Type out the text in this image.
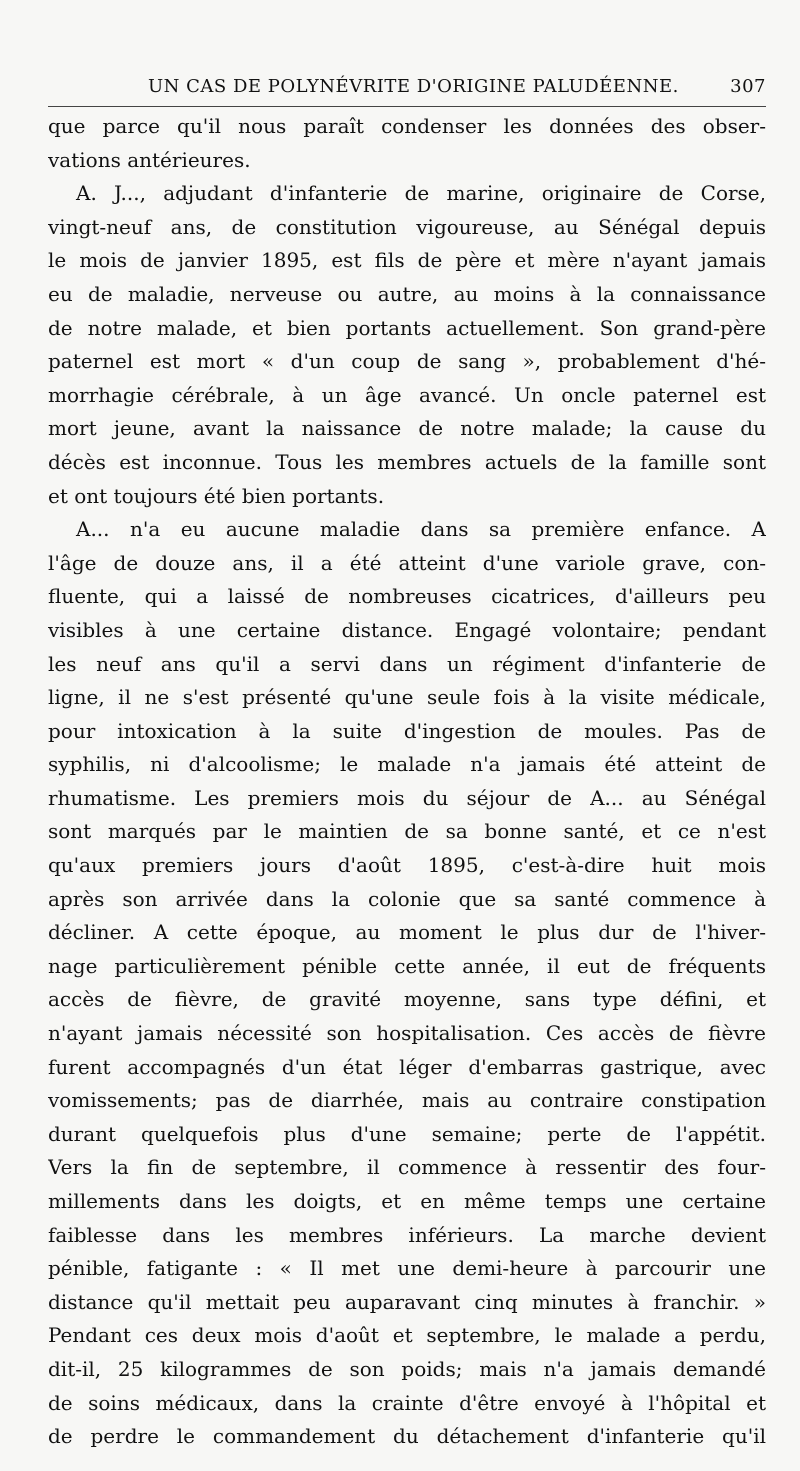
UN CAS DE POLYNÉVRITE D'ORIGINE PALUDÉENNE.	307
que parce qu'il nous paraît condenser les données des obser-
vations antérieures.
A. J..., adjudant d'infanterie de marine, originaire de Corse,
vingt-neuf ans, de constitution vigoureuse, au Sénégal depuis
le mois de janvier 1895, est fils de père et mère n'ayant jamais
eu de maladie, nerveuse ou autre, au moins à la connaissance
de notre malade, et bien portants actuellement. Son grand-père
paternel est mort « d'un coup de sang », probablement d'hé-
morrhagie cérébrale, à un âge avancé. Un oncle paternel est
mort jeune, avant la naissance de notre malade; la cause du
décès est inconnue. Tous les membres actuels de la famille sont
et ont toujours été bien portants.
A... n'a eu aucune maladie dans sa première enfance. A
l'âge de douze ans, il a été atteint d'une variole grave, con-
fluente, qui a laissé de nombreuses cicatrices, d'ailleurs peu
visibles à une certaine distance. Engagé volontaire; pendant
les neuf ans qu'il a servi dans un régiment d'infanterie de
ligne, il ne s'est présenté qu'une seule fois à la visite médicale,
pour intoxication à la suite d'ingestion de moules. Pas de
syphilis, ni d'alcoolisme; le malade n'a jamais été atteint de
rhumatisme. Les premiers mois du séjour de A... au Sénégal
sont marqués par le maintien de sa bonne santé, et ce n'est
qu'aux premiers jours d'août 1895, c'est-à-dire huit mois
après son arrivée dans la colonie que sa santé commence à
décliner. A cette époque, au moment le plus dur de l'hiver-
nage particulièrement pénible cette année, il eut de fréquents
accès de fièvre, de gravité moyenne, sans type défini, et
n'ayant jamais nécessité son hospitalisation. Ces accès de fièvre
furent accompagnés d'un état léger d'embarras gastrique, avec
vomissements; pas de diarrhée, mais au contraire constipation
durant quelquefois plus d'une semaine; perte de l'appétit.
Vers la fin de septembre, il commence à ressentir des four-
millements dans les doigts, et en même temps une certaine
faiblesse dans les membres inférieurs. La marche devient
pénible, fatigante : « Il met une demi-heure à parcourir une
distance qu'il mettait peu auparavant cinq minutes à franchir. »
Pendant ces deux mois d'août et septembre, le malade a perdu,
dit-il, 25 kilogrammes de son poids; mais n'a jamais demandé
de soins médicaux, dans la crainte d'être envoyé à l'hôpital et
de perdre le commandement du détachement d'infanterie qu'il
